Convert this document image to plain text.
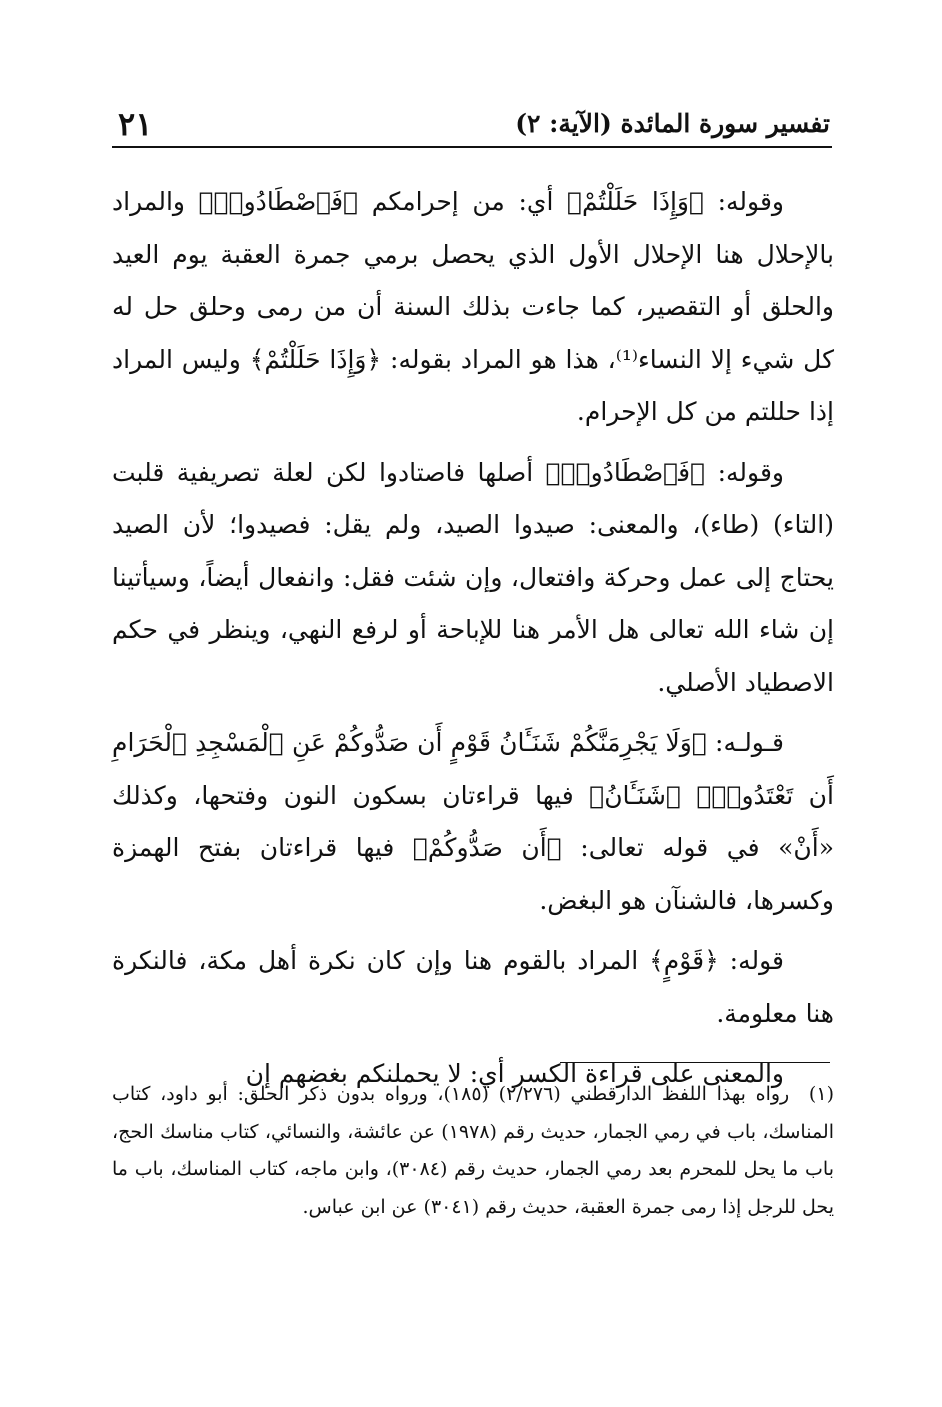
تفسير سورة المائدة (الآية: ٢)
٢١

وقوله: ﴿وَإِذَا حَلَلْتُمْ﴾ أي: من إحرامكم ﴿فَٱصْطَادُوا۟﴾ والمراد بالإحلال هنا الإحلال الأول الذي يحصل برمي جمرة العقبة يوم العيد والحلق أو التقصير، كما جاءت بذلك السنة أن من رمى وحلق حل له كل شيء إلا النساء⁽¹⁾، هذا هو المراد بقوله: ﴿وَإِذَا حَلَلْتُمْ﴾ وليس المراد إذا حللتم من كل الإحرام.

وقوله: ﴿فَٱصْطَادُوا۟﴾ أصلها فاصتادوا لكن لعلة تصريفية قلبت (التاء) (طاء)، والمعنى: صيدوا الصيد، ولم يقل: فصيدوا؛ لأن الصيد يحتاج إلى عمل وحركة وافتعال، وإن شئت فقل: وانفعال أيضاً، وسيأتينا إن شاء الله تعالى هل الأمر هنا للإباحة أو لرفع النهي، وينظر في حكم الاصطياد الأصلي.

قـولـه: ﴿وَلَا يَجْرِمَنَّكُمْ شَنَـَٔانُ قَوْمٍ أَن صَدُّوكُمْ عَنِ ٱلْمَسْجِدِ ٱلْحَرَامِ أَن تَعْتَدُوا۟﴾ ﴿شَنَـَٔانُ﴾ فيها قراءتان بسكون النون وفتحها، وكذلك «أَنْ» في قوله تعالى: ﴿أَن صَدُّوكُمْ﴾ فيها قراءتان بفتح الهمزة وكسرها، فالشنآن هو البغض.

قوله: ﴿قَوْمٍ﴾ المراد بالقوم هنا وإن كان نكرة أهل مكة، فالنكرة هنا معلومة.

والمعنى على قراءة الكسر أي: لا يحملنكم بغضهم إن

(١) رواه بهذا اللفظ الدارقطني (٢/٢٧٦) (١٨٥)، ورواه بدون ذكر الحلق: أبو داود، كتاب المناسك، باب في رمي الجمار، حديث رقم (١٩٧٨) عن عائشة، والنسائي، كتاب مناسك الحج، باب ما يحل للمحرم بعد رمي الجمار، حديث رقم (٣٠٨٤)، وابن ماجه، كتاب المناسك، باب ما يحل للرجل إذا رمى جمرة العقبة، حديث رقم (٣٠٤١) عن ابن عباس.
